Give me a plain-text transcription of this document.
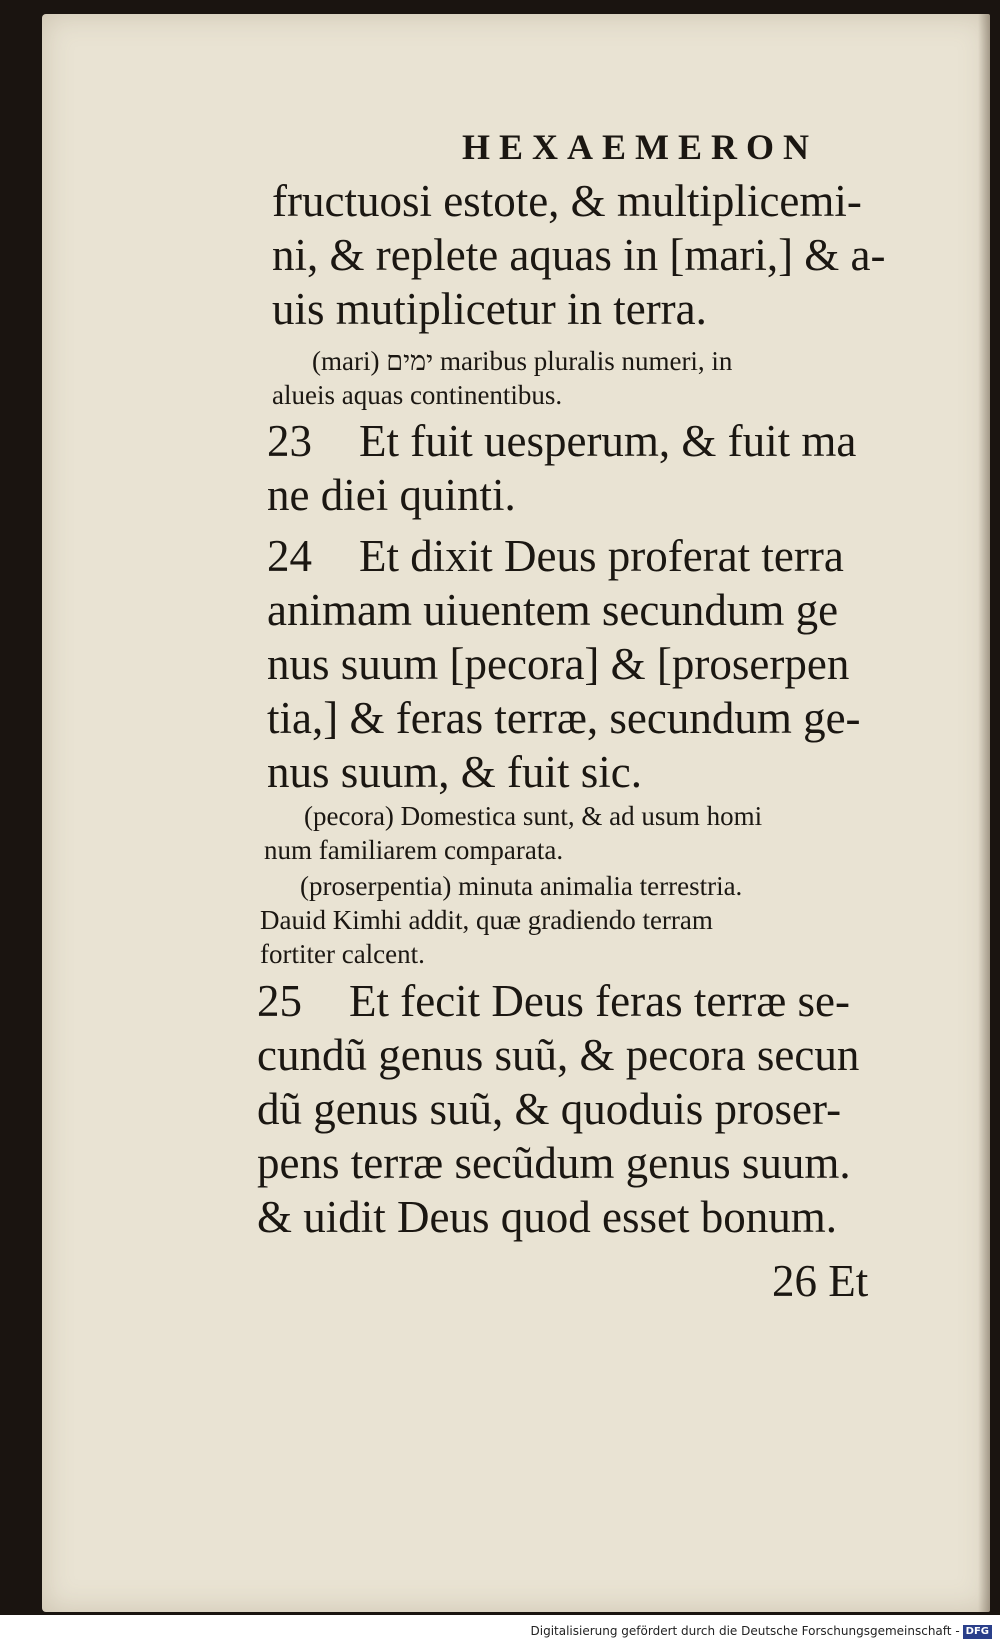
HEXAEMERON
fructuosi estote, & multiplicemi-
ni, & replete aquas in [mari,] & a-
uis mutiplicetur in terra.
(mari) ימים maribus pluralis numeri, in
alueis aquas continentibus.
23 Et fuit uesperum, & fuit ma
ne diei quinti.
24 Et dixit Deus proferat terra
animam uiuentem secundum ge
nus suum [pecora] & [proserpen
tia,] & feras terræ, secundum ge-
nus suum, & fuit sic.
(pecora) Domestica sunt, & ad usum homi
num familiarem comparata.
(proserpentia) minuta animalia terrestria.
Dauid Kimhi addit, quæ gradiendo terram
fortiter calcent.
25 Et fecit Deus feras terræ se-
cundũ genus suũ, & pecora secun
dũ genus suũ, & quoduis proser-
pens terræ secũdum genus suum.
& uidit Deus quod esset bonum.
26 Et
Digitalisierung gefördert durch die Deutsche Forschungsgemeinschaft - DFG
